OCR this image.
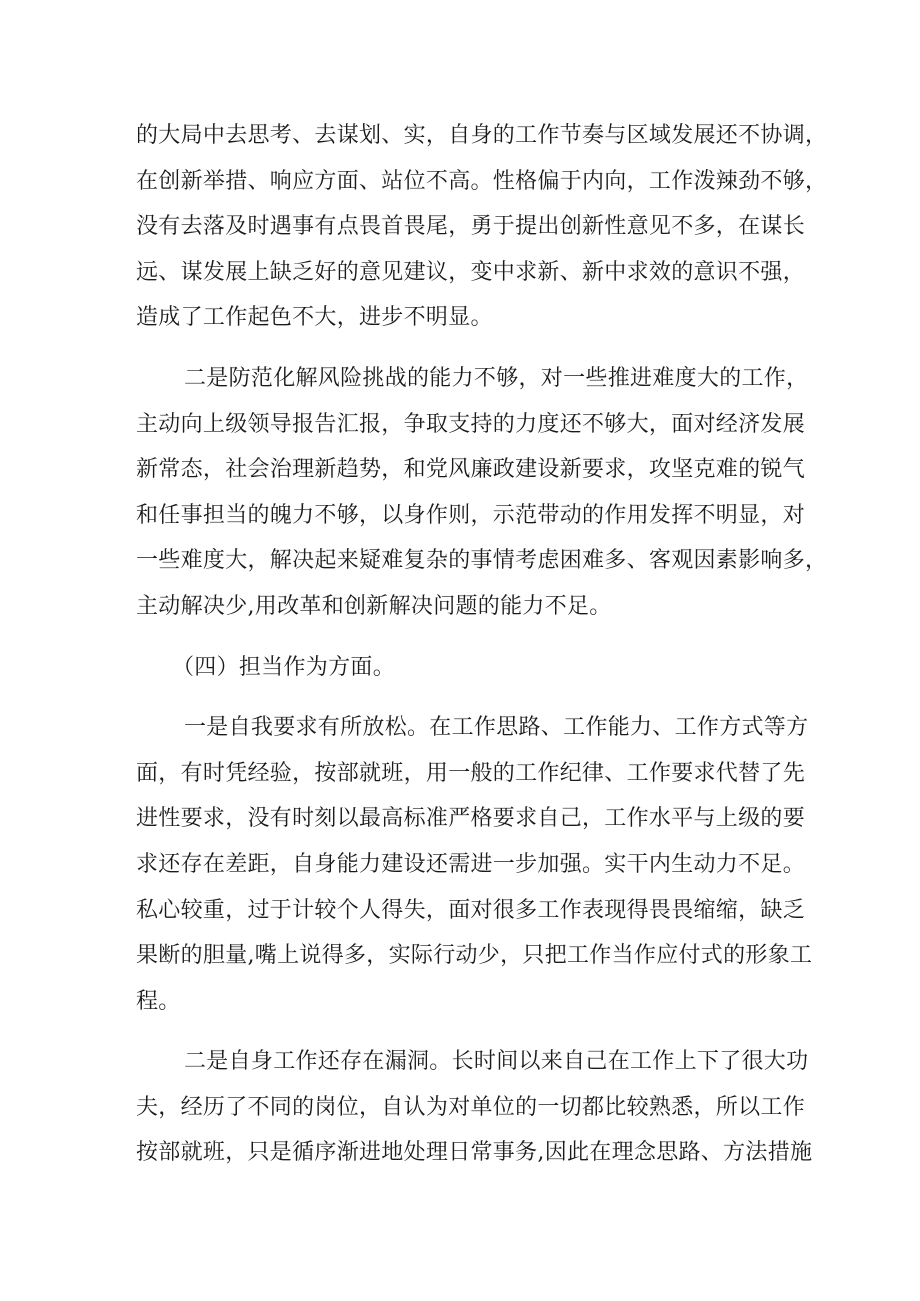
的大局中去思考、去谋划、实，自身的工作节奏与区域发展还不协调，
在创新举措、响应方面、站位不高。性格偏于内向，工作泼辣劲不够，
没有去落及时遇事有点畏首畏尾，勇于提出创新性意见不多，在谋长
远、谋发展上缺乏好的意见建议，变中求新、新中求效的意识不强，
造成了工作起色不大，进步不明显。
二是防范化解风险挑战的能力不够，对一些推进难度大的工作，
主动向上级领导报告汇报，争取支持的力度还不够大，面对经济发展
新常态，社会治理新趋势，和党风廉政建设新要求，攻坚克难的锐气
和任事担当的魄力不够，以身作则，示范带动的作用发挥不明显，对
一些难度大，解决起来疑难复杂的事情考虑困难多、客观因素影响多，
主动解决少,用改革和创新解决问题的能力不足。
（四）担当作为方面。
一是自我要求有所放松。在工作思路、工作能力、工作方式等方
面，有时凭经验，按部就班，用一般的工作纪律、工作要求代替了先
进性要求，没有时刻以最高标准严格要求自己，工作水平与上级的要
求还存在差距，自身能力建设还需进一步加强。实干内生动力不足。
私心较重，过于计较个人得失，面对很多工作表现得畏畏缩缩，缺乏
果断的胆量,嘴上说得多，实际行动少，只把工作当作应付式的形象工
程。
二是自身工作还存在漏洞。长时间以来自己在工作上下了很大功
夫，经历了不同的岗位，自认为对单位的一切都比较熟悉，所以工作
按部就班，只是循序渐进地处理日常事务,因此在理念思路、方法措施
